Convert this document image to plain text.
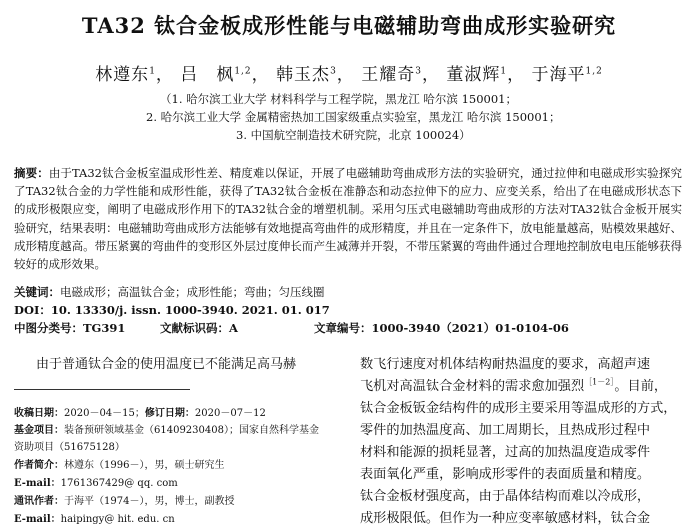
TA32 钛合金板成形性能与电磁辅助弯曲成形实验研究
林遵东$^1$， 吕　枫$^{1,2}$， 韩玉杰$^3$， 王耀奇$^3$， 董淑辉$^1$， 于海平$^{1,2}$
（1. 哈尔滨工业大学 材料科学与工程学院，黑龙江 哈尔滨 150001；
2. 哈尔滨工业大学 金属精密热加工国家级重点实验室，黑龙江 哈尔滨 150001；
3. 中国航空制造技术研究院，北京 100024）
摘要：由于TA32钛合金板室温成形性差、精度难以保证，开展了电磁辅助弯曲成形方法的实验研究，通过拉伸和电磁成形实验探究了TA32钛合金的力学性能和成形性能，获得了TA32钛合金板在准静态和动态拉伸下的应力、应变关系，给出了在电磁成形状态下的成形极限应变，阐明了电磁成形作用下的TA32钛合金的增塑机制。采用匀压式电磁辅助弯曲成形的方法对TA32钛合金板开展实验研究，结果表明：电磁辅助弯曲成形方法能够有效地提高弯曲件的成形精度，并且在一定条件下，放电能量越高，贴模效果越好、成形精度越高。带压紧翼的弯曲件的变形区外层过度伸长而产生减薄并开裂，不带压紧翼的弯曲件通过合理地控制放电电压能够获得较好的成形效果。
关键词：电磁成形；高温钛合金；成形性能；弯曲；匀压线圈
DOI：10. 13330/j. issn. 1000-3940. 2021. 01. 017
中图分类号：TG391	文献标识码：A	文章编号：1000-3940（2021）01-0104-06
由于普通钛合金的使用温度已不能满足高马赫
收稿日期：2020－04－15；修订日期：2020－07－12
基金项目：装备预研领域基金（61409230408）；国家自然科学基金
资助项目（51675128）
作者简介：林遵东（1996－），男，硕士研究生
E-mail：1761367429@ qq. com
通讯作者：于海平（1974－），男，博士，副教授
E-mail：haipingy@ hit. edu. cn
数飞行速度对机体结构耐热温度的要求，高超声速
飞机对高温钛合金材料的需求愈加强烈$^{[1-2]}$。目前，
钛合金板钣金结构件的成形主要采用等温成形的方式，
零件的加热温度高、加工周期长，且热成形过程中
材料和能源的损耗显著，过高的加热温度造成零件
表面氧化严重，影响成形零件的表面质量和精度。
钛合金板材强度高，由于晶体结构而难以冷成形，
成形极限低。但作为一种应变率敏感材料，钛合金
